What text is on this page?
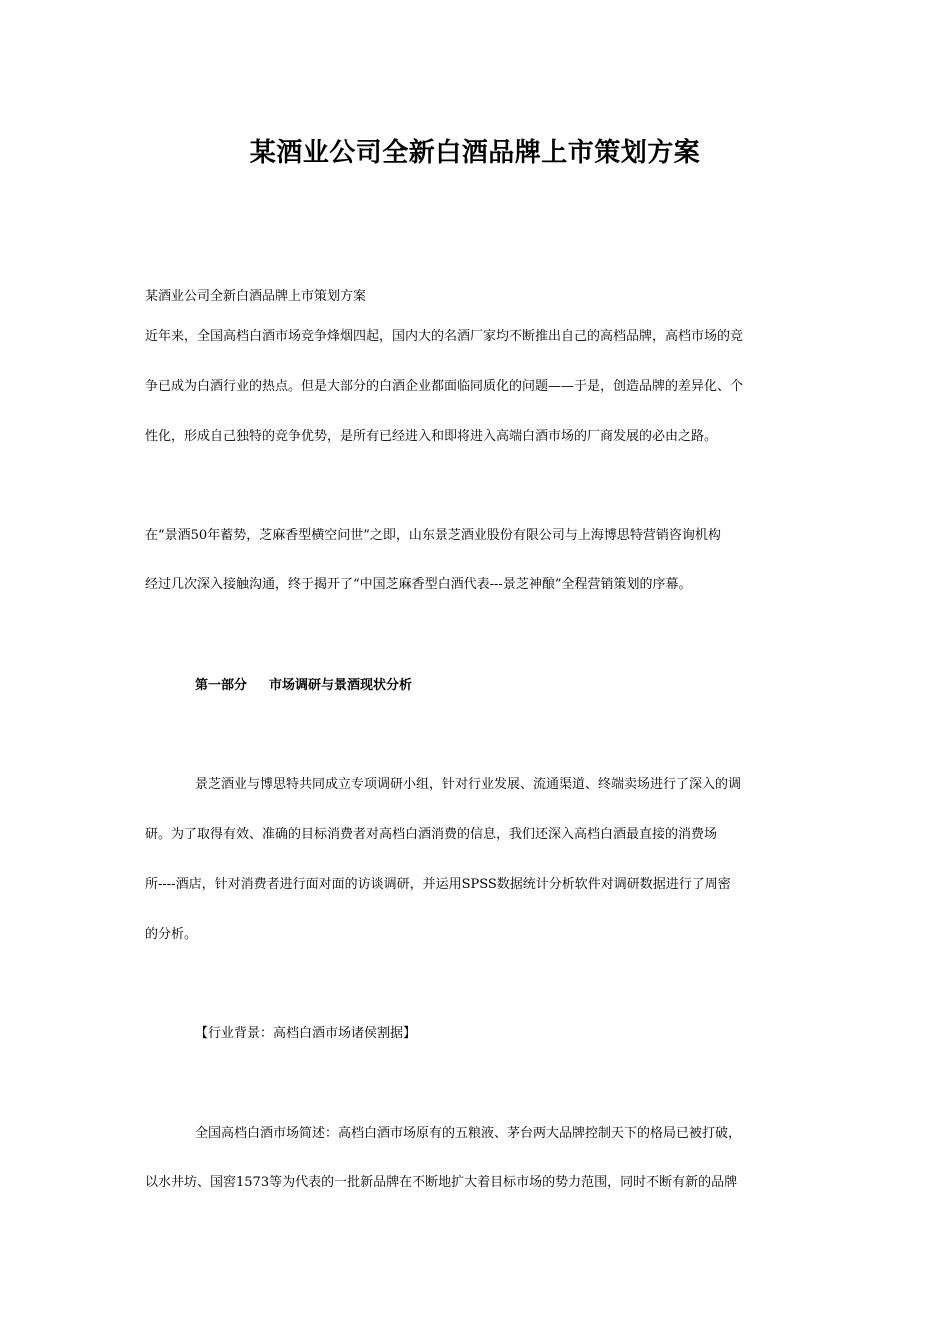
某酒业公司全新白酒品牌上市策划方案
某酒业公司全新白酒品牌上市策划方案
近年来，全国高档白酒市场竞争烽烟四起，国内大的名酒厂家均不断推出自己的高档品牌，高档市场的竞
争已成为白酒行业的热点。但是大部分的白酒企业都面临同质化的问题——于是，创造品牌的差异化、个
性化，形成自己独特的竞争优势，是所有已经进入和即将进入高端白酒市场的厂商发展的必由之路。
在“景酒50年蓄势，芝麻香型横空问世”之即，山东景芝酒业股份有限公司与上海博思特营销咨询机构
经过几次深入接触沟通，终于揭开了“中国芝麻香型白酒代表---景芝神酿”全程营销策划的序幕。
第一部分 市场调研与景酒现状分析
景芝酒业与博思特共同成立专项调研小组，针对行业发展、流通渠道、终端卖场进行了深入的调
研。为了取得有效、准确的目标消费者对高档白酒消费的信息，我们还深入高档白酒最直接的消费场
所----酒店，针对消费者进行面对面的访谈调研，并运用SPSS数据统计分析软件对调研数据进行了周密
的分析。
【行业背景：高档白酒市场诸侯割据】
全国高档白酒市场简述：高档白酒市场原有的五粮液、茅台两大品牌控制天下的格局已被打破，
以水井坊、国窖1573等为代表的一批新品牌在不断地扩大着目标市场的势力范围，同时不断有新的品牌
